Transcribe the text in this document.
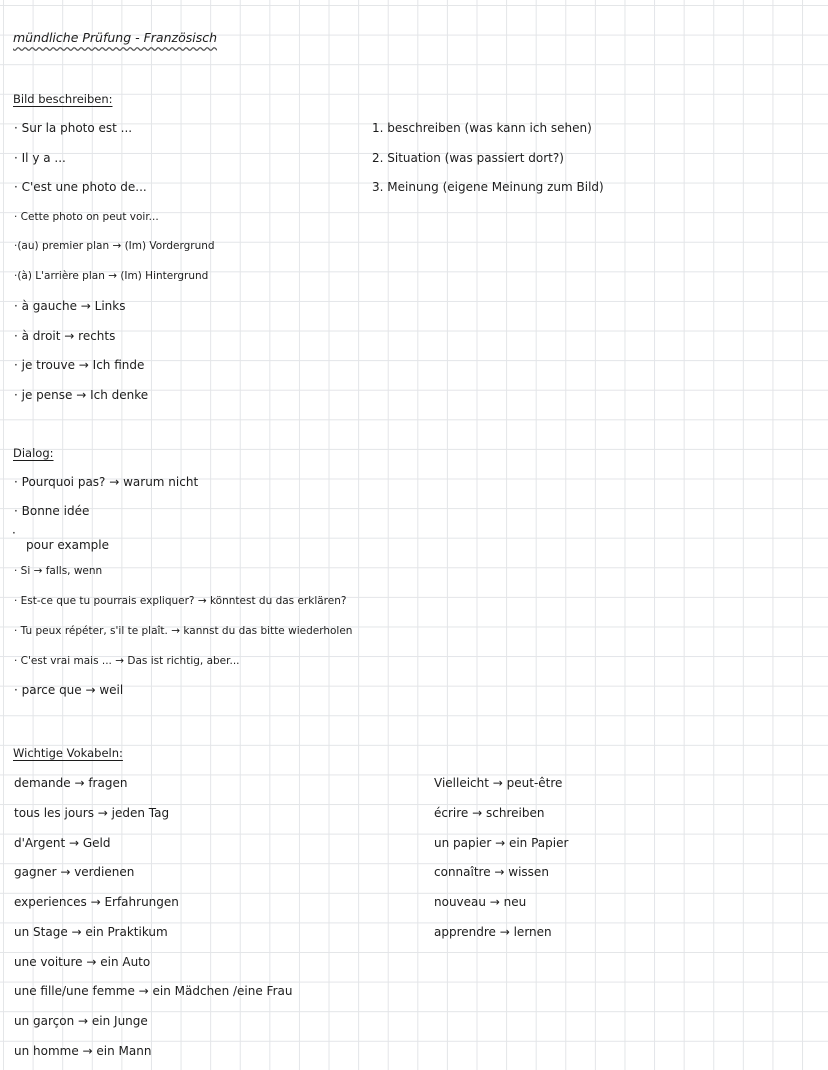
mündliche Prüfung - Französisch
Bild beschreiben:
· Sur la photo est ...
· Il y a ...
· C'est une photo de...
· Cette photo on peut voir...
·(au) premier plan → (Im) Vordergrund
·(à) L'arrière plan → (Im) Hintergrund
· à gauche → Links
· à droit → rechts
· je trouve → Ich finde
· je pense → Ich denke
1. beschreiben (was kann ich sehen)
2. Situation (was passiert dort?)
3. Meinung (eigene Meinung zum Bild)
Dialog:
· Pourquoi pas? → warum nicht
· Bonne idée
·
pour example
· Si → falls, wenn
· Est-ce que tu pourrais expliquer? → könntest du das erklären?
· Tu peux répéter, s'il te plaît. → kannst du das bitte wiederholen
· C'est vrai mais ... → Das ist richtig, aber...
· parce que → weil
Wichtige Vokabeln:
demande → fragen
tous les jours → jeden Tag
d'Argent → Geld
gagner → verdienen
experiences → Erfahrungen
un Stage → ein Praktikum
une voiture → ein Auto
une fille/une femme → ein Mädchen /eine Frau
un garçon → ein Junge
un homme → ein Mann
Vielleicht → peut-être
écrire → schreiben
un papier → ein Papier
connaître → wissen
nouveau → neu
apprendre → lernen
